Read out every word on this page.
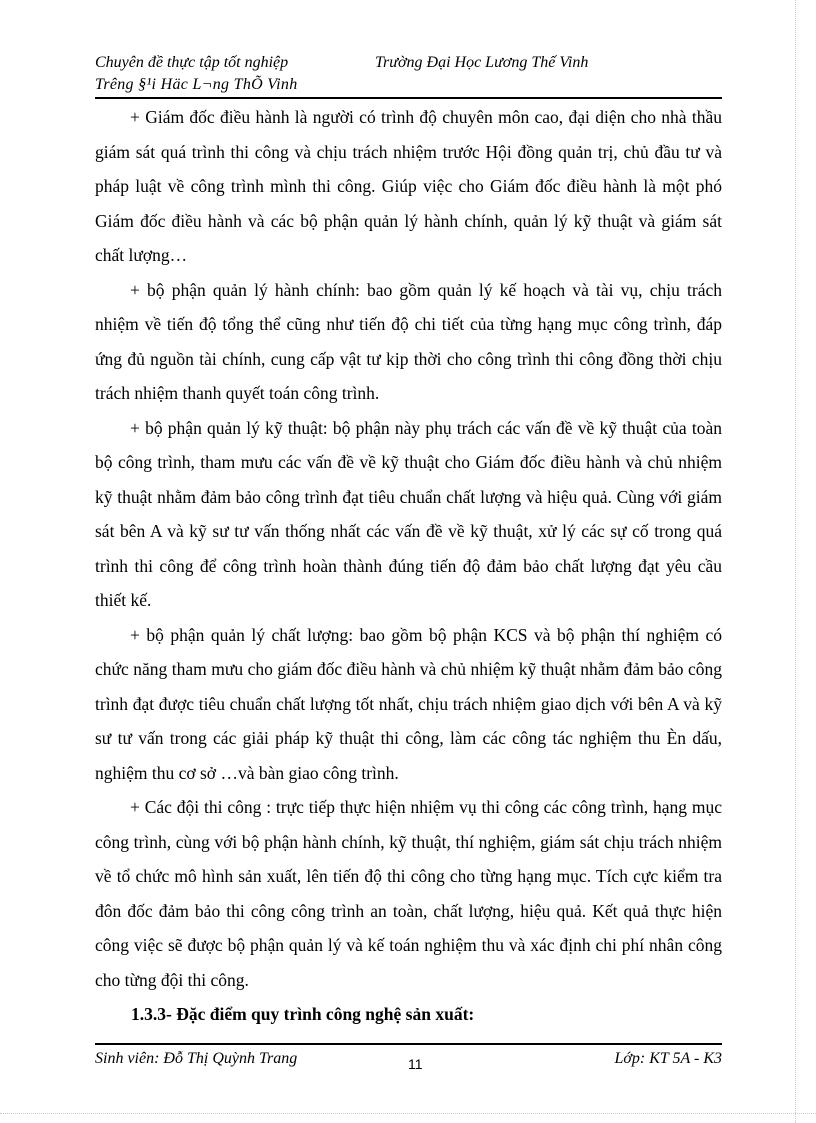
Chuyên đề thực tập tốt nghiệp	Trường Đại Học Lương Thế Vinh
Trêng §¹i Häc L¬ng ThÕ Vinh

+ Giám đốc điều hành là người có trình độ chuyên môn cao, đại diện cho nhà thầu giám sát quá trình thi công và chịu trách nhiệm trước Hội đồng quản trị, chủ đầu tư và pháp luật về công trình mình thi công. Giúp việc cho Giám đốc điều hành là một phó Giám đốc điều hành và các bộ phận quản lý hành chính, quản lý kỹ thuật và giám sát chất lượng…

+ bộ phận quản lý hành chính: bao gồm quản lý kế hoạch và tài vụ, chịu trách nhiệm về tiến độ tổng thể cũng như tiến độ chi tiết của từng hạng mục công trình, đáp ứng đủ nguồn tài chính, cung cấp vật tư kịp thời cho công trình thi công đồng thời chịu trách nhiệm thanh quyết toán công trình.

+ bộ phận quản lý kỹ thuật: bộ phận này phụ trách các vấn đề về kỹ thuật của toàn bộ công trình, tham mưu các vấn đề về kỹ thuật cho Giám đốc điều hành và chủ nhiệm kỹ thuật nhằm đảm bảo công trình đạt tiêu chuẩn chất lượng và hiệu quả. Cùng với giám sát bên A và kỹ sư tư vấn thống nhất các vấn đề về kỹ thuật, xử lý các sự cố trong quá trình thi công để công trình hoàn thành đúng tiến độ đảm bảo chất lượng đạt yêu cầu thiết kế.

+ bộ phận quản lý chất lượng: bao gồm bộ phận KCS và bộ phận thí nghiệm có chức năng tham mưu cho giám đốc điều hành và chủ nhiệm kỹ thuật nhằm đảm bảo công trình đạt được tiêu chuẩn chất lượng tốt nhất, chịu trách nhiệm giao dịch với bên A và kỹ sư tư vấn trong các giải pháp kỹ thuật thi công, làm các công tác nghiệm thu Èn dấu, nghiệm thu cơ sở …và bàn giao công trình.

+ Các đội thi công : trực tiếp thực hiện nhiệm vụ thi công các công trình, hạng mục công trình, cùng với bộ phận hành chính, kỹ thuật, thí nghiệm, giám sát chịu trách nhiệm về tổ chức mô hình sản xuất, lên tiến độ thi công cho từng hạng mục. Tích cực kiểm tra đôn đốc đảm bảo thi công công trình an toàn, chất lượng, hiệu quả. Kết quả thực hiện công việc sẽ được bộ phận quản lý và kế toán nghiệm thu và xác định chi phí nhân công cho từng đội thi công.

1.3.3- Đặc điểm quy trình công nghệ sản xuất:

Sinh viên: Đỗ Thị Quỳnh Trang	11	Lớp: KT 5A - K3
